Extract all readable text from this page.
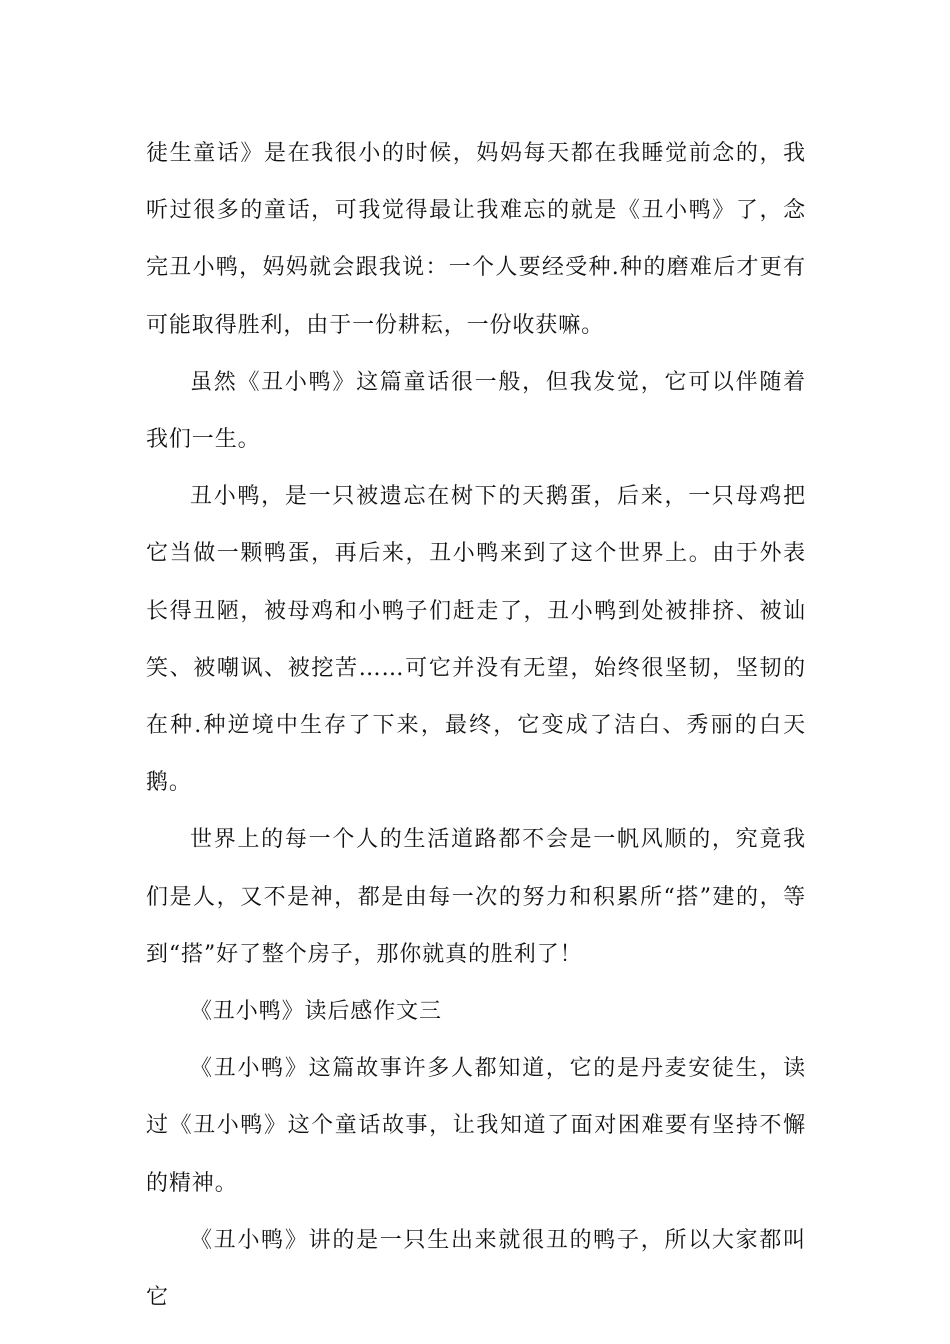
徒生童话》是在我很小的时候，妈妈每天都在我睡觉前念的，我听过很多的童话，可我觉得最让我难忘的就是《丑小鸭》了，念完丑小鸭，妈妈就会跟我说：一个人要经受种.种的磨难后才更有可能取得胜利，由于一份耕耘，一份收获嘛。

虽然《丑小鸭》这篇童话很一般，但我发觉，它可以伴随着我们一生。

丑小鸭，是一只被遗忘在树下的天鹅蛋，后来，一只母鸡把它当做一颗鸭蛋，再后来，丑小鸭来到了这个世界上。由于外表长得丑陋，被母鸡和小鸭子们赶走了，丑小鸭到处被排挤、被讪笑、被嘲讽、被挖苦……可它并没有无望，始终很坚韧，坚韧的在种.种逆境中生存了下来，最终，它变成了洁白、秀丽的白天鹅。

世界上的每一个人的生活道路都不会是一帆风顺的，究竟我们是人，又不是神，都是由每一次的努力和积累所“搭”建的，等到“搭”好了整个房子，那你就真的胜利了！

《丑小鸭》读后感作文三

《丑小鸭》这篇故事许多人都知道，它的是丹麦安徒生，读过《丑小鸭》这个童话故事，让我知道了面对困难要有坚持不懈的精神。

《丑小鸭》讲的是一只生出来就很丑的鸭子，所以大家都叫它
